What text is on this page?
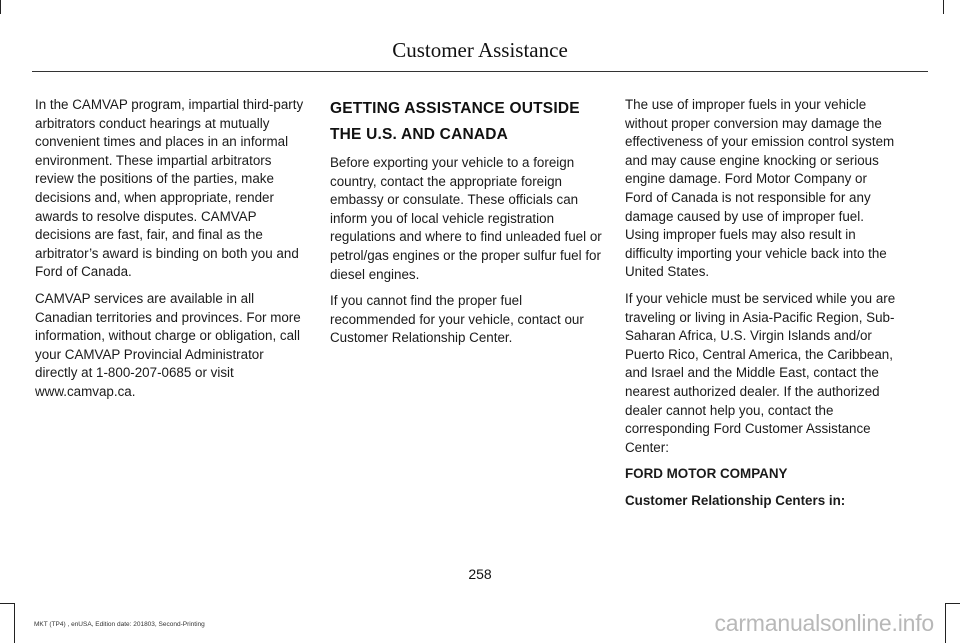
Customer Assistance

In the CAMVAP program, impartial third-party arbitrators conduct hearings at mutually convenient times and places in an informal environment. These impartial arbitrators review the positions of the parties, make decisions and, when appropriate, render awards to resolve disputes. CAMVAP decisions are fast, fair, and final as the arbitrator’s award is binding on both you and Ford of Canada.

CAMVAP services are available in all Canadian territories and provinces. For more information, without charge or obligation, call your CAMVAP Provincial Administrator directly at 1-800-207-0685 or visit www.camvap.ca.

GETTING ASSISTANCE OUTSIDE
THE U.S. AND CANADA

Before exporting your vehicle to a foreign country, contact the appropriate foreign embassy or consulate. These officials can inform you of local vehicle registration regulations and where to find unleaded fuel or petrol/gas engines or the proper sulfur fuel for diesel engines.

If you cannot find the proper fuel recommended for your vehicle, contact our Customer Relationship Center.

The use of improper fuels in your vehicle without proper conversion may damage the effectiveness of your emission control system and may cause engine knocking or serious engine damage. Ford Motor Company or Ford of Canada is not responsible for any damage caused by use of improper fuel. Using improper fuels may also result in difficulty importing your vehicle back into the United States.

If your vehicle must be serviced while you are traveling or living in Asia-Pacific Region, Sub-Saharan Africa, U.S. Virgin Islands and/or Puerto Rico, Central America, the Caribbean, and Israel and the Middle East, contact the nearest authorized dealer. If the authorized dealer cannot help you, contact the corresponding Ford Customer Assistance Center:

FORD MOTOR COMPANY

Customer Relationship Centers in:

258
MKT (TP4) , enUSA, Edition date: 201803, Second-Printing	carmanualsonline.info
